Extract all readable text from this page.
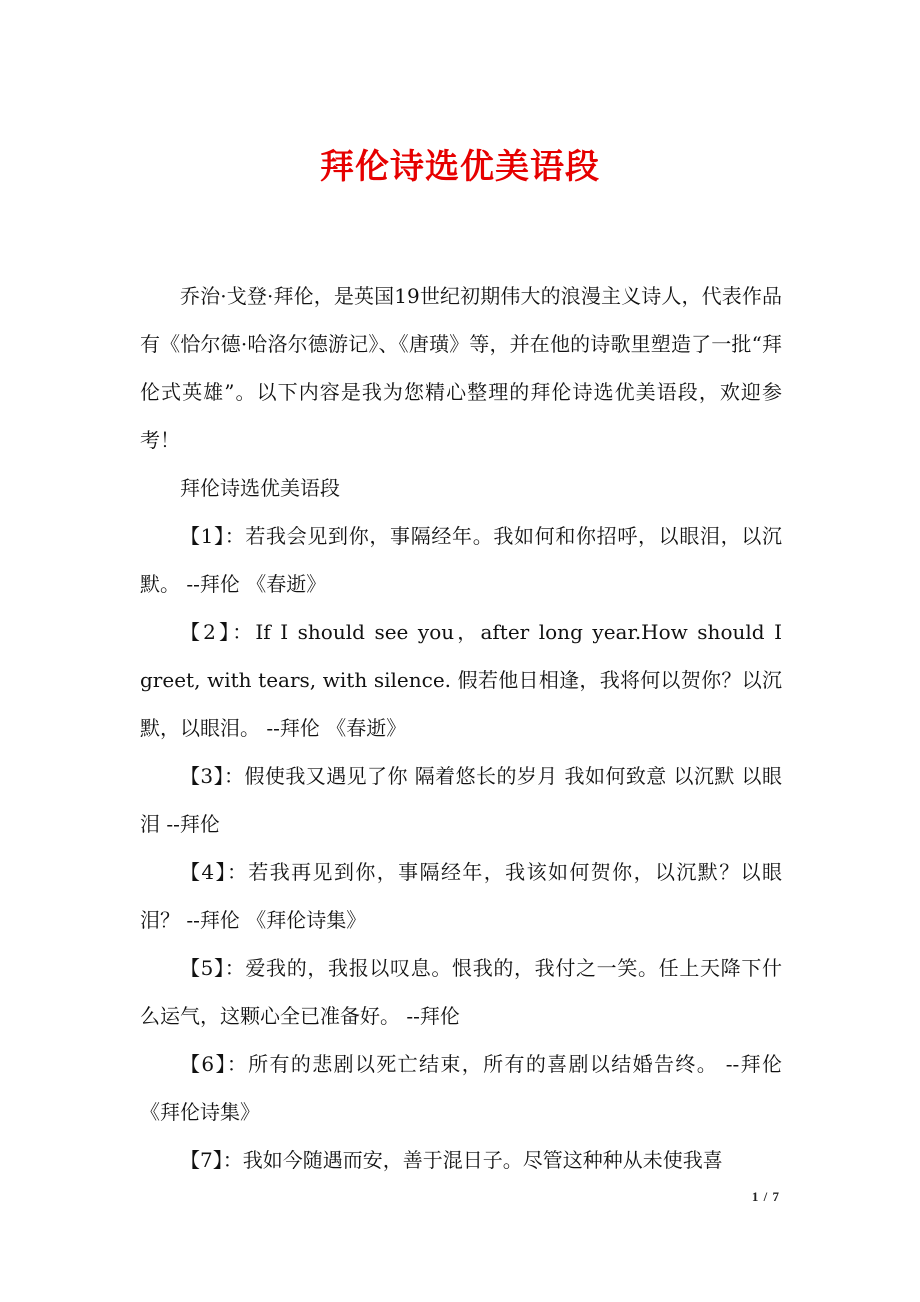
拜伦诗选优美语段

乔治·戈登·拜伦，是英国19世纪初期伟大的浪漫主义诗人，代表作品有《恰尔德·哈洛尔德游记》、《唐璜》等，并在他的诗歌里塑造了一批“拜伦式英雄”。以下内容是我为您精心整理的拜伦诗选优美语段，欢迎参考！

拜伦诗选优美语段

【1】：若我会见到你，事隔经年。我如何和你招呼，以眼泪，以沉默。 --拜伦 《春逝》

【2】：If I should see you，after long year.How should I greet, with tears, with silence. 假若他日相逢，我将何以贺你？以沉默，以眼泪。 --拜伦 《春逝》

【3】：假使我又遇见了你 隔着悠长的岁月 我如何致意 以沉默 以眼泪 --拜伦

【4】：若我再见到你，事隔经年，我该如何贺你，以沉默？以眼泪？ --拜伦 《拜伦诗集》

【5】：爱我的，我报以叹息。恨我的，我付之一笑。任上天降下什么运气，这颗心全已准备好。 --拜伦

【6】：所有的悲剧以死亡结束，所有的喜剧以结婚告终。 --拜伦 《拜伦诗集》

【7】：我如今随遇而安，善于混日子。尽管这种种从未使我喜

1 / 7
